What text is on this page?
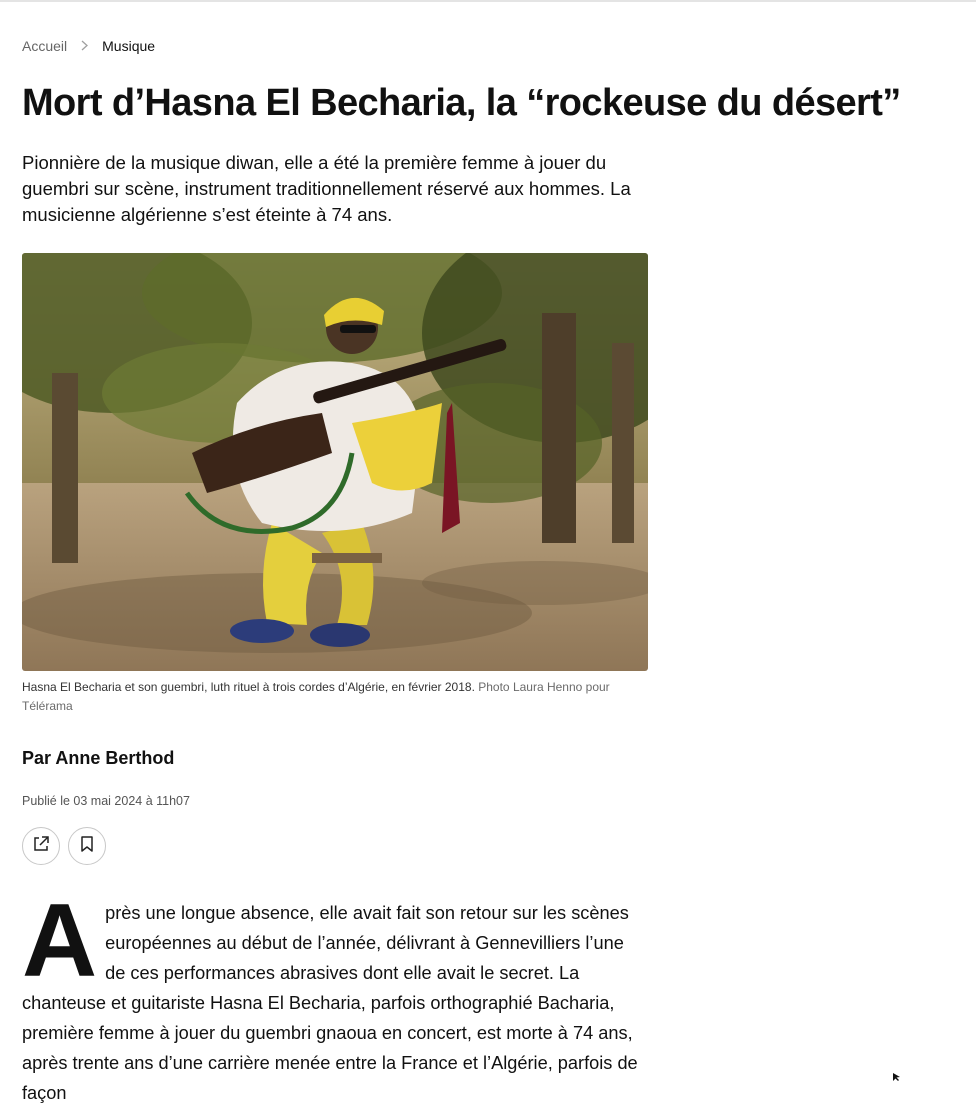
Accueil	Musique
Mort d’Hasna El Becharia, la “rockeuse du désert”

Pionnière de la musique diwan, elle a été la première femme à jouer du guembri sur scène, instrument traditionnellement réservé aux hommes. La musicienne algérienne s’est éteinte à 74 ans.

Hasna El Becharia et son guembri, luth rituel à trois cordes d’Algérie, en février 2018. Photo Laura Henno pour Télérama
Par Anne Berthod
Publié le 03 mai 2024 à 11h07

Après une longue absence, elle avait fait son retour sur les scènes européennes au début de l’année, délivrant à Gennevilliers l’une de ces performances abrasives dont elle avait le secret. La chanteuse et guitariste Hasna El Becharia, parfois orthographié Bacharia, première femme à jouer du guembri gnaoua en concert, est morte à 74 ans, après trente ans d’une carrière menée entre la France et l’Algérie, parfois de façon
